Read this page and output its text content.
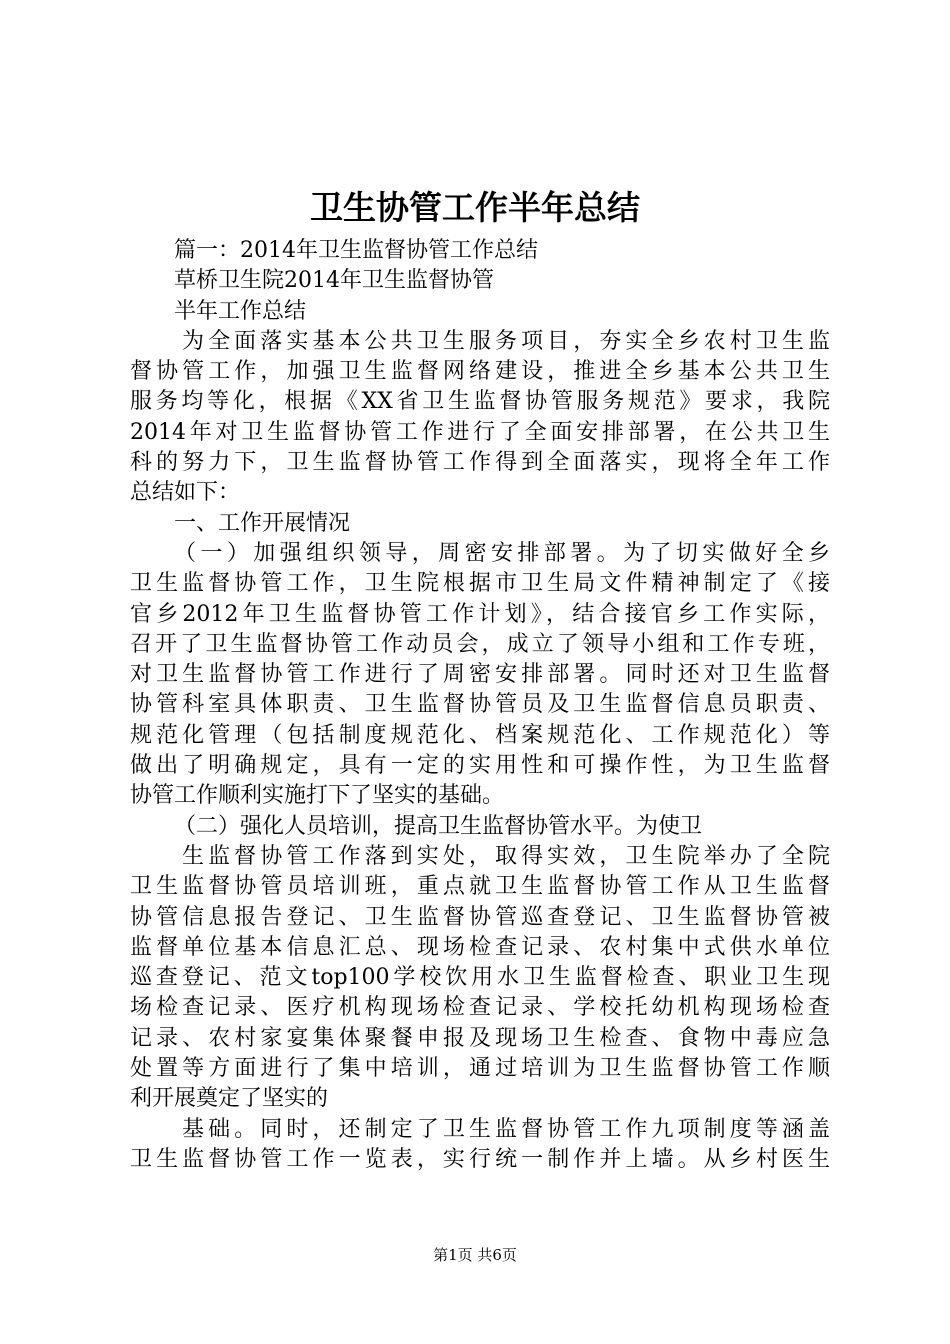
卫生协管工作半年总结

篇一：2014年卫生监督协管工作总结

草桥卫生院2014年卫生监督协管

半年工作总结

为全面落实基本公共卫生服务项目，夯实全乡农村卫生监

督协管工作，加强卫生监督网络建设，推进全乡基本公共卫生

服务均等化，根据《XX省卫生监督协管服务规范》要求，我院

2014年对卫生监督协管工作进行了全面安排部署，在公共卫生

科的努力下，卫生监督协管工作得到全面落实，现将全年工作

总结如下：

一、工作开展情况

（一）加强组织领导，周密安排部署。为了切实做好全乡

卫生监督协管工作，卫生院根据市卫生局文件精神制定了《接

官乡2012年卫生监督协管工作计划》，结合接官乡工作实际，

召开了卫生监督协管工作动员会，成立了领导小组和工作专班，

对卫生监督协管工作进行了周密安排部署。同时还对卫生监督

协管科室具体职责、卫生监督协管员及卫生监督信息员职责、

规范化管理（包括制度规范化、档案规范化、工作规范化）等

做出了明确规定，具有一定的实用性和可操作性，为卫生监督

协管工作顺利实施打下了坚实的基础。

（二）强化人员培训，提高卫生监督协管水平。为使卫

生监督协管工作落到实处，取得实效，卫生院举办了全院

卫生监督协管员培训班，重点就卫生监督协管工作从卫生监督

协管信息报告登记、卫生监督协管巡查登记、卫生监督协管被

监督单位基本信息汇总、现场检查记录、农村集中式供水单位

巡查登记、范文top100学校饮用水卫生监督检查、职业卫生现

场检查记录、医疗机构现场检查记录、学校托幼机构现场检查

记录、农村家宴集体聚餐申报及现场卫生检查、食物中毒应急

处置等方面进行了集中培训，通过培训为卫生监督协管工作顺

利开展奠定了坚实的

基础。同时，还制定了卫生监督协管工作九项制度等涵盖

卫生监督协管工作一览表，实行统一制作并上墙。从乡村医生

第1页 共6页
